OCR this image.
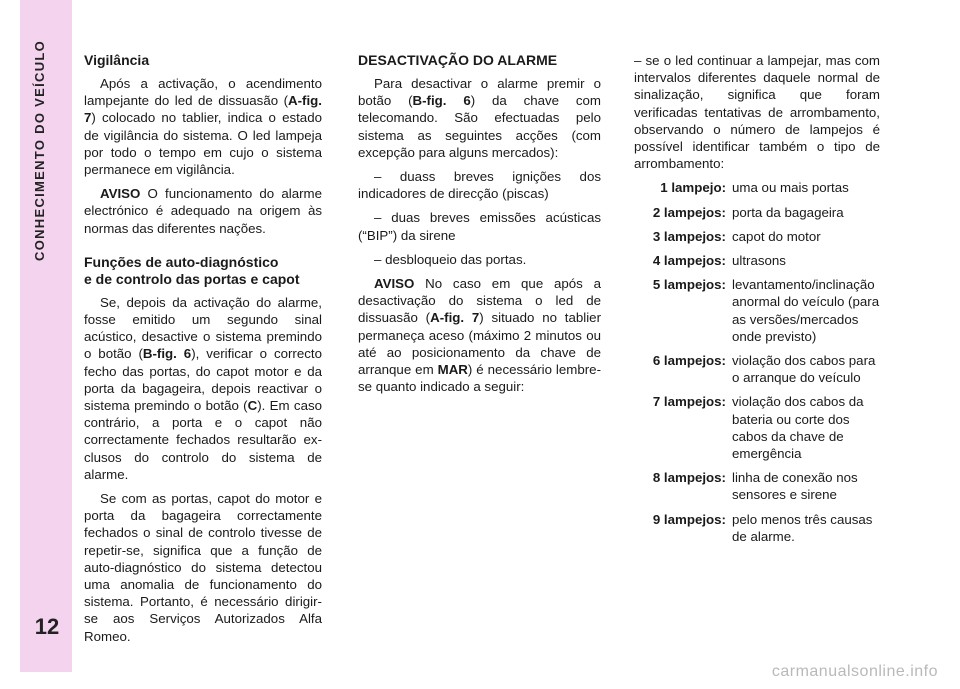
CONHECIMENTO DO VEÍCULO
12
Vigilância

Após a activação, o acendimento lampejante do led de dissuasão (A-fig. 7) colocado no tablier, indica o estado de vigilância do sistema. O led lampeja por todo o tempo em cujo o sistema permanece em vigilância.

AVISO O funcionamento do alarme electrónico é adequado na origem às normas das diferentes nações.

Funções de auto-diagnóstico
e de controlo das portas e capot

Se, depois da activação do alarme, fosse emitido um segundo sinal acústico, desactive o sistema premindo o botão (B-fig. 6), verificar o correcto fecho das portas, do capot motor e da porta da bagageira, depois reactivar o sistema premindo o botão (C). Em caso contrário, a porta e o capot não correctamente fechados resultarão exclusos do controlo do sistema de alarme.

Se com as portas, capot do motor e porta da bagageira correctamente fechados o sinal de controlo tivesse de repetir-se, significa que a função de auto-diagnóstico do sistema detectou uma anomalia de funcionamento do sistema. Portanto, é necessário dirigir-se aos Serviços Autorizados Alfa Romeo.

DESACTIVAÇÃO DO ALARME

Para desactivar o alarme premir o botão (B-fig. 6) da chave com telecomando. São efectuadas pelo sistema as seguintes acções (com excepção para alguns mercados):

– duass breves ignições dos indicadores de direcção (piscas)

– duas breves emissões acústicas (“BIP”) da sirene

– desbloqueio das portas.

AVISO No caso em que após a desactivação do sistema o led de dissuasão (A-fig. 7) situado no tablier permaneça aceso (máximo 2 minutos ou até ao posicionamento da chave de arranque em MAR) é necessário lembre-se quanto indicado a seguir:

– se o led continuar a lampejar, mas com intervalos diferentes daquele normal de sinalização, significa que foram verificadas tentativas de arrombamento, observando o número de lampejos é possível identificar também o tipo de arrombamento:

1 lampejo: uma ou mais portas
2 lampejos: porta da bagageira
3 lampejos: capot do motor
4 lampejos: ultrasons
5 lampejos: levantamento/inclinação anormal do veículo (para as versões/mercados onde previsto)
6 lampejos: violação dos cabos para o arranque do veículo
7 lampejos: violação dos cabos da bateria ou corte dos cabos da chave de emergência
8 lampejos: linha de conexão nos sensores e sirene
9 lampejos: pelo menos três causas de alarme.
carmanualsonline.info
